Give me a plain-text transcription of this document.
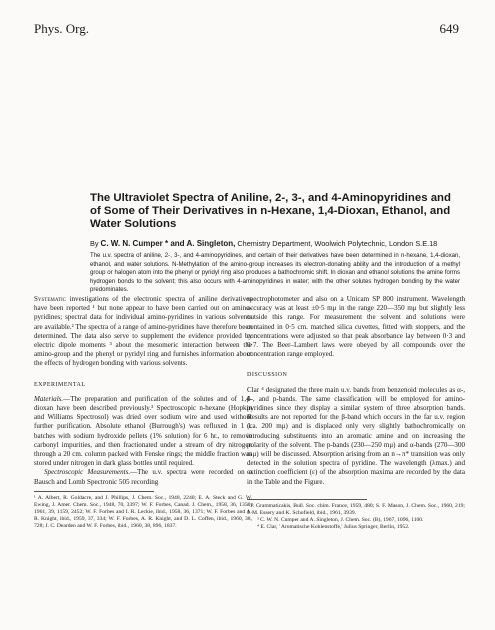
Phys. Org.	649
The Ultraviolet Spectra of Aniline, 2-, 3-, and 4-Aminopyridines and of Some of Their Derivatives in n-Hexane, 1,4-Dioxan, Ethanol, and Water Solutions
By C. W. N. Cumper * and A. Singleton, Chemistry Department, Woolwich Polytechnic, London S.E.18

The u.v. spectra of aniline, 2-, 3-, and 4-aminopyridines, and certain of their derivatives have been determined in n-hexane, 1,4-dioxan, ethanol, and water solutions. N-Methylation of the amino-group increases its electron-donating ability and the introduction of a methyl group or halogen atom into the phenyl or pyridyl ring also produces a bathochromic shift. In dioxan and ethanol solutions the amine forms hydrogen bonds to the solvent; this also occurs with 4-aminopyridines in water; with the other solutes hydrogen bonding by the water predominates.

Systematic investigations of the electronic spectra of aniline derivatives have been reported ¹ but none appear to have been carried out on amino-pyridines; spectral data for individual amino-pyridines in various solvents are available.² The spectra of a range of amino-pyridines have therefore been determined. The data also serve to supplement the evidence provided by electric dipole moments ³ about the mesomeric interaction between the amino-group and the phenyl or pyridyl ring and furnishes information about the effects of hydrogen bonding with various solvents.

EXPERIMENTAL

Materials.—The preparation and purification of the solutes and of 1,4-dioxan have been described previously.³ Spectroscopic n-hexane (Hopkin and Williams Spectrosol) was dried over sodium wire and used without further purification. Absolute ethanol (Burrough's) was refluxed in 1 l. batches with sodium hydroxide pellets (1% solution) for 6 hr., to remove carbonyl impurities, and then fractionated under a stream of dry nitrogen through a 20 cm. column packed with Fenske rings; the middle fraction was stored under nitrogen in dark glass bottles until required.

Spectroscopic Measurements.—The u.v. spectra were recorded on a Bausch and Lomb Spectronic 505 recording

¹ A. Albert, R. Goldacre, and J. Phillips, J. Chem. Soc., 1948, 2240; E. A. Steck and G. W. Ewing, J. Amer. Chem. Soc., 1948, 70, 3397; W. F. Forbes, Canad. J. Chem., 1958, 36, 1350; 1961, 39, 1159, 2452; W. F. Forbes and I. R. Leckie, ibid., 1958, 36, 1371; W. F. Forbes and A. R. Knight, ibid., 1959, 37, 334; W. F. Forbes, A. R. Knight, and D. L. Coffen, ibid., 1960, 38, 728; J. C. Dearden and W. F. Forbes, ibid., 1960, 38, 896, 1837.

spectrophotometer and also on a Unicam SP 800 instrument. Wavelength accuracy was at least ±0·5 mμ in the range 220—350 mμ but slightly less outside this range. For measurement the solvent and solutions were contained in 0·5 cm. matched silica cuvettes, fitted with stoppers, and the concentrations were adjusted so that peak absorbance lay between 0·3 and 0·7. The Beer–Lambert laws were obeyed by all compounds over the concentration range employed.

DISCUSSION

Clar ⁴ designated the three main u.v. bands from benzenoid molecules as α-, β-, and p-bands. The same classification will be employed for amino-pyridines since they display a similar system of three absorption bands. Results are not reported for the β-band which occurs in the far u.v. region (ca. 200 mμ) and is displaced only very slightly bathochromically on introducing substituents into an aromatic amine and on increasing the polarity of the solvent. The p-bands (230—250 mμ) and α-bands (270—300 mμ) will be discussed. Absorption arising from an n→π* transition was only detected in the solution spectra of pyridine. The wavelength (λmax.) and extinction coefficient (ε) of the absorption maxima are recorded by the data in the Table and the Figure.

² P. Grammaticakis, Bull. Soc. chim. France, 1959, 480; S. F. Mason, J. Chem. Soc., 1960, 219; J. M. Essery and K. Schofield, ibid., 1961, 3939.

³ C. W. N. Cumper and A. Singleton, J. Chem. Soc. (B), 1967, 1096, 1100.

⁴ E. Clar, ' Aromatische Kohlenstoffe,' Julius Springer, Berlin, 1952.
